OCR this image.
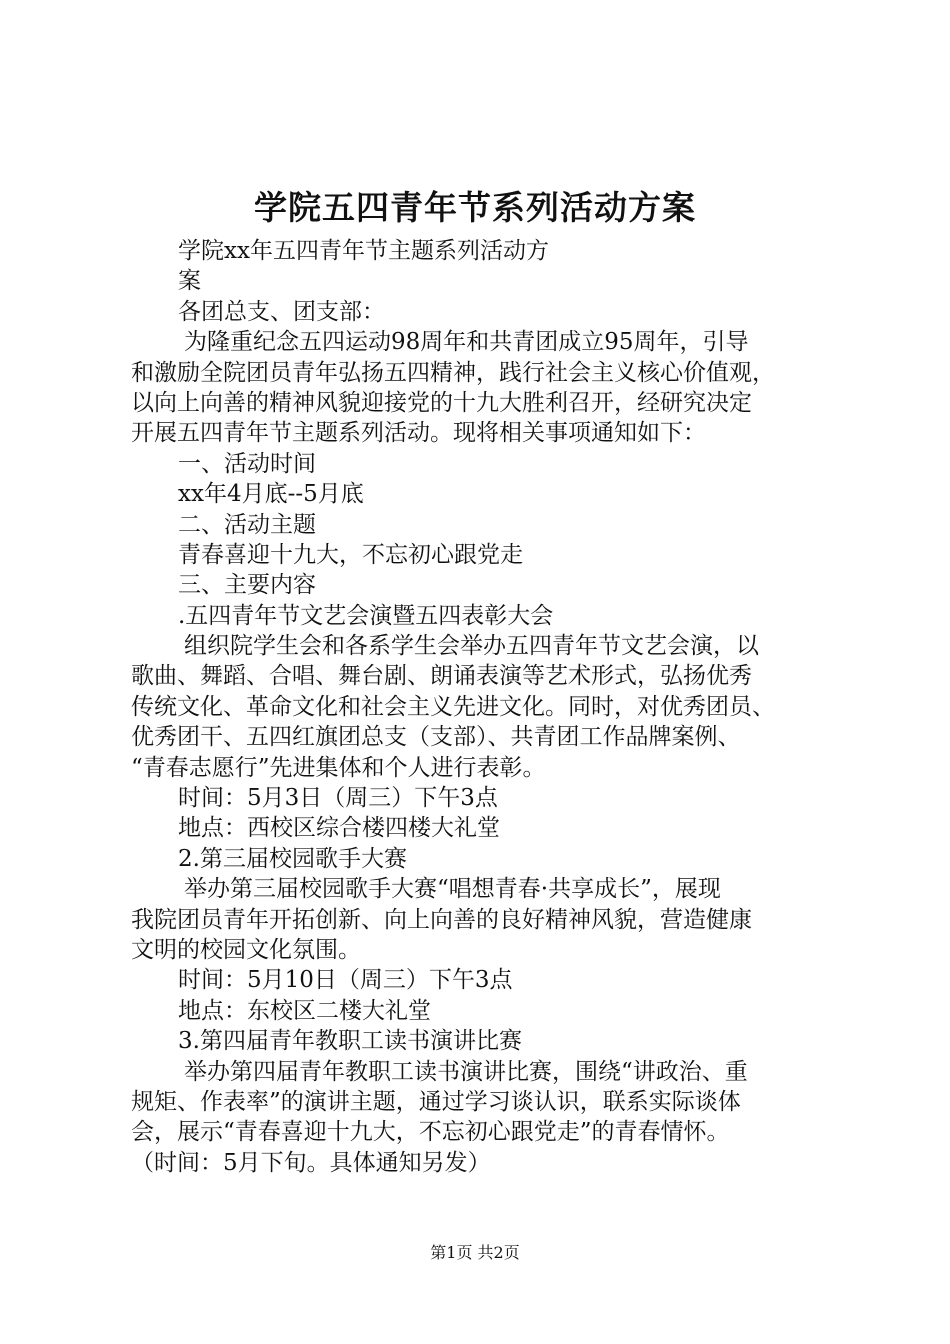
学院五四青年节系列活动方案
学院xx年五四青年节主题系列活动方
案
各团总支、团支部：
为隆重纪念五四运动98周年和共青团成立95周年，引导
和激励全院团员青年弘扬五四精神，践行社会主义核心价值观，
以向上向善的精神风貌迎接党的十九大胜利召开，经研究决定
开展五四青年节主题系列活动。现将相关事项通知如下：
一、活动时间
xx年4月底--5月底
二、活动主题
青春喜迎十九大，不忘初心跟党走
三、主要内容
.五四青年节文艺会演暨五四表彰大会
组织院学生会和各系学生会举办五四青年节文艺会演，以
歌曲、舞蹈、合唱、舞台剧、朗诵表演等艺术形式，弘扬优秀
传统文化、革命文化和社会主义先进文化。同时，对优秀团员、
优秀团干、五四红旗团总支（支部）、共青团工作品牌案例、
“青春志愿行”先进集体和个人进行表彰。
时间：5月3日（周三）下午3点
地点：西校区综合楼四楼大礼堂
2.第三届校园歌手大赛
举办第三届校园歌手大赛“唱想青春·共享成长”，展现
我院团员青年开拓创新、向上向善的良好精神风貌，营造健康
文明的校园文化氛围。
时间：5月10日（周三）下午3点
地点：东校区二楼大礼堂
3.第四届青年教职工读书演讲比赛
举办第四届青年教职工读书演讲比赛，围绕“讲政治、重
规矩、作表率”的演讲主题，通过学习谈认识，联系实际谈体
会，展示“青春喜迎十九大，不忘初心跟党走”的青春情怀。
（时间：5月下旬。具体通知另发）
第1页 共2页
